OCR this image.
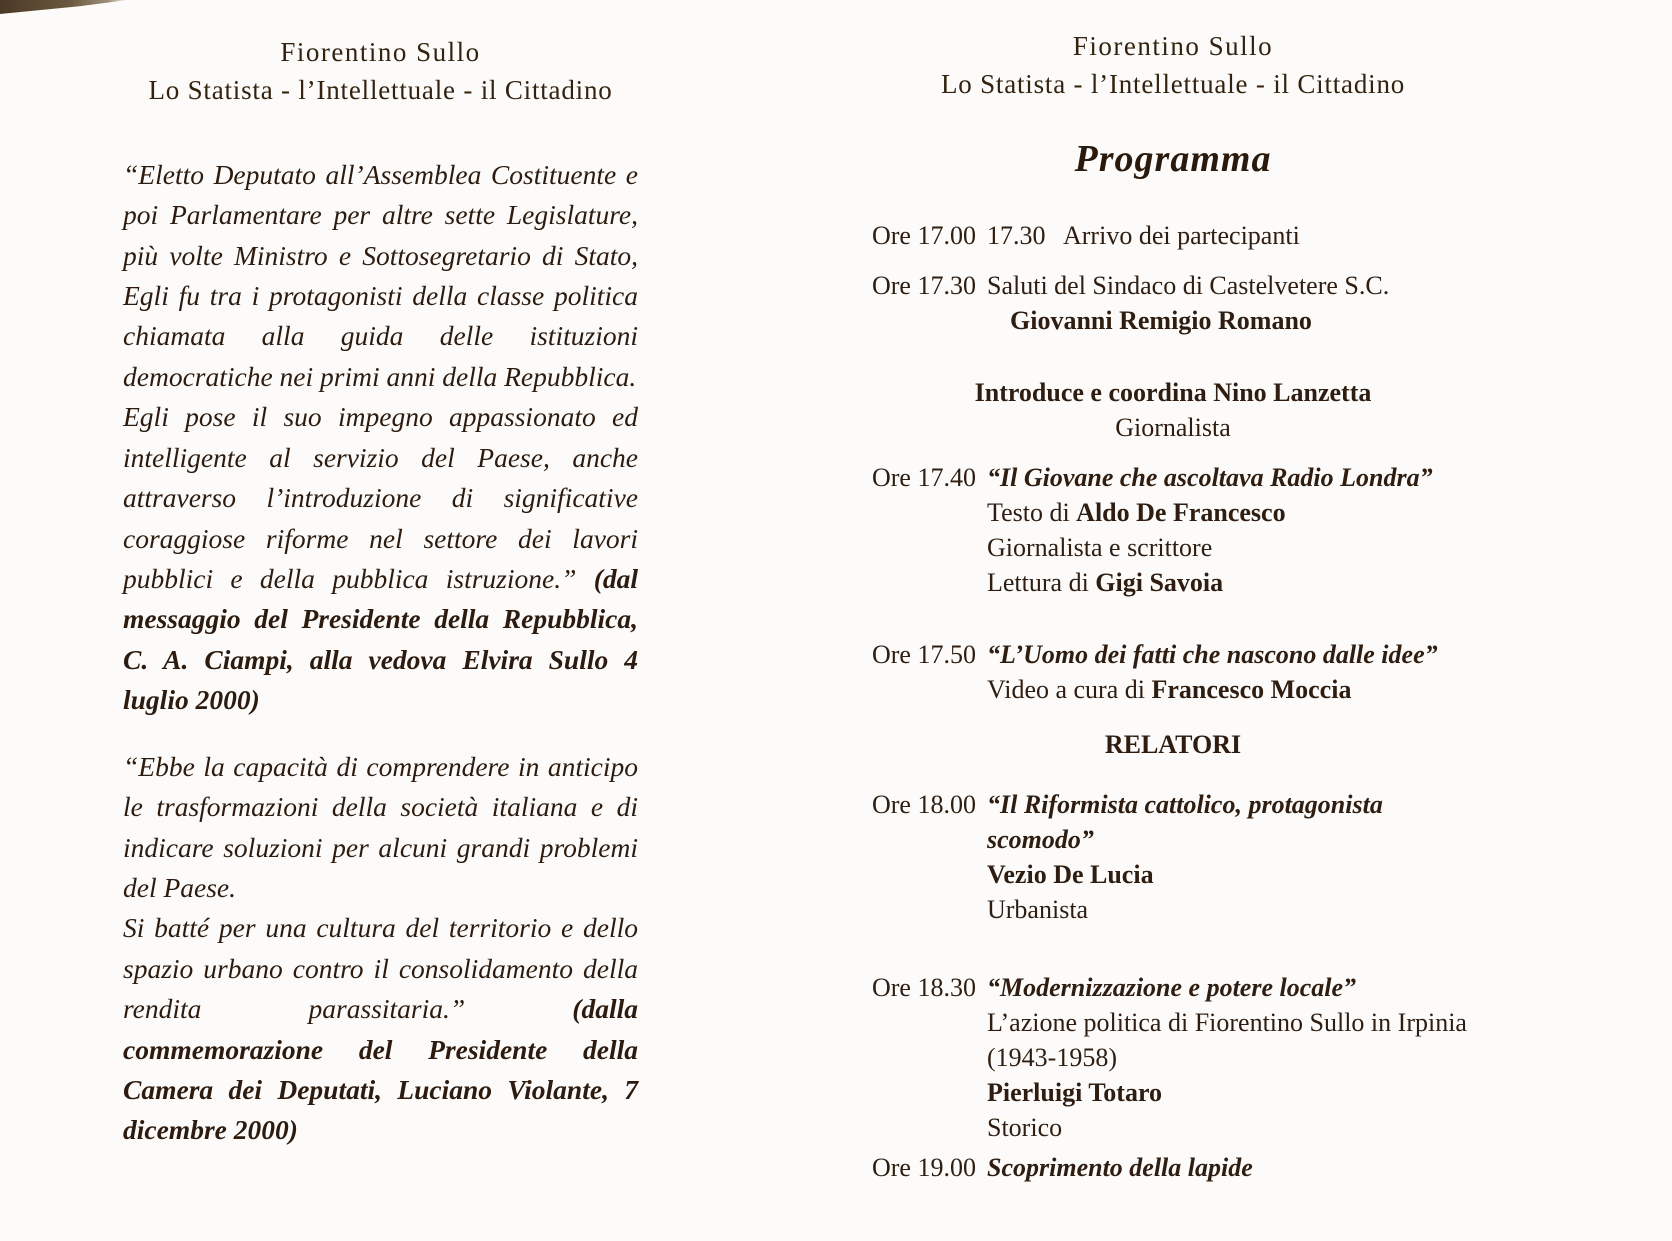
Fiorentino Sullo
Lo Statista - l’Intellettuale - il Cittadino

“Eletto Deputato all’Assemblea Costituente e poi Parlamentare per altre sette Legislature, più volte Ministro e Sottosegretario di Stato, Egli fu tra i protagonisti della classe politica chiamata alla guida delle istituzioni democratiche nei primi anni della Repubblica.

Egli pose il suo impegno appassionato ed intelligente al servizio del Paese, anche attraverso l’introduzione di significative coraggiose riforme nel settore dei lavori pubblici e della pubblica istruzione.” (dal messaggio del Presidente della Repubblica, C. A. Ciampi, alla vedova Elvira Sullo 4 luglio 2000)

“Ebbe la capacità di comprendere in anticipo le trasformazioni della società italiana e di indicare soluzioni per alcuni grandi problemi del Paese.

Si batté per una cultura del territorio e dello spazio urbano contro il consolidamento della rendita parassitaria.” (dalla commemorazione del Presidente della Camera dei Deputati, Luciano Violante, 7 dicembre 2000)

Fiorentino Sullo
Lo Statista - l’Intellettuale - il Cittadino
Programma
Ore 17.00 17.30 Arrivo dei partecipanti
Ore 17.30 Saluti del Sindaco di Castelvetere S.C.
Giovanni Remigio Romano
Introduce e coordina Nino Lanzetta
Giornalista
Ore 17.40 “Il Giovane che ascoltava Radio Londra”
Testo di Aldo De Francesco
Giornalista e scrittore
Lettura di Gigi Savoia
Ore 17.50 “L’Uomo dei fatti che nascono dalle idee”
Video a cura di Francesco Moccia
RELATORI
Ore 18.00 “Il Riformista cattolico, protagonista scomodo”
Vezio De Lucia
Urbanista
Ore 18.30 “Modernizzazione e potere locale”
L’azione politica di Fiorentino Sullo in Irpinia
(1943-1958)
Pierluigi Totaro
Storico
Ore 19.00 Scoprimento della lapide
